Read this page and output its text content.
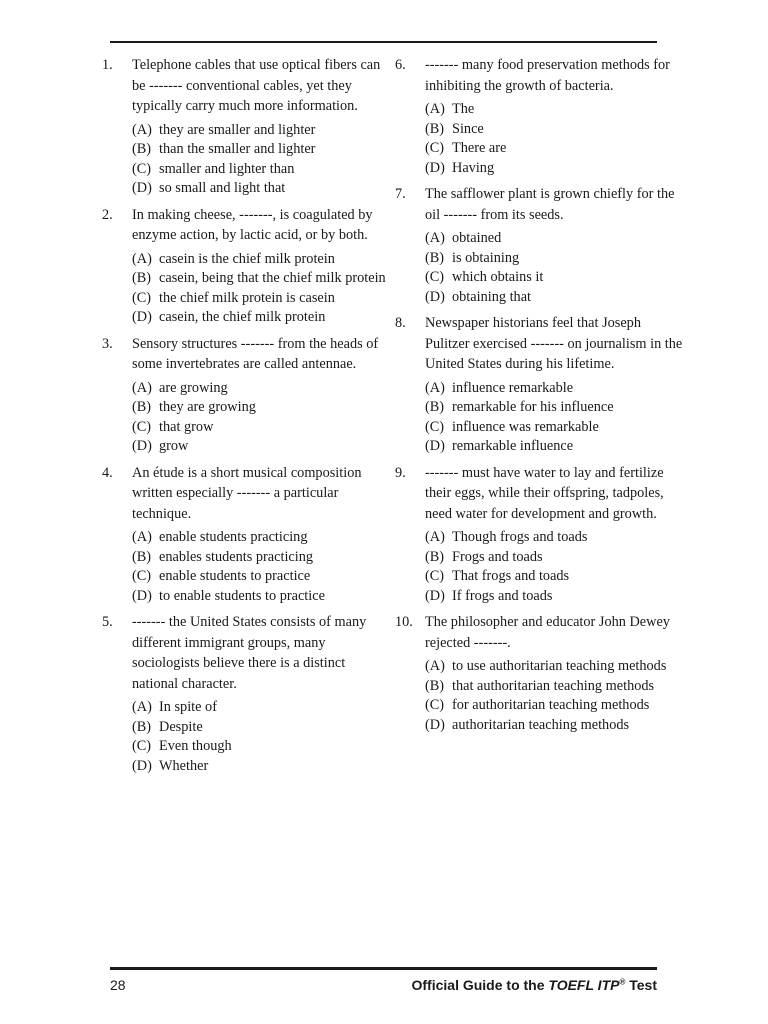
1. Telephone cables that use optical fibers can be ------- conventional cables, yet they typically carry much more information.
(A) they are smaller and lighter
(B) than the smaller and lighter
(C) smaller and lighter than
(D) so small and light that
2. In making cheese, -------, is coagulated by enzyme action, by lactic acid, or by both.
(A) casein is the chief milk protein
(B) casein, being that the chief milk protein
(C) the chief milk protein is casein
(D) casein, the chief milk protein
3. Sensory structures ------- from the heads of some invertebrates are called antennae.
(A) are growing
(B) they are growing
(C) that grow
(D) grow
4. An étude is a short musical composition written especially ------- a particular technique.
(A) enable students practicing
(B) enables students practicing
(C) enable students to practice
(D) to enable students to practice
5. ------- the United States consists of many different immigrant groups, many sociologists believe there is a distinct national character.
(A) In spite of
(B) Despite
(C) Even though
(D) Whether
6. ------- many food preservation methods for inhibiting the growth of bacteria.
(A) The
(B) Since
(C) There are
(D) Having
7. The safflower plant is grown chiefly for the oil ------- from its seeds.
(A) obtained
(B) is obtaining
(C) which obtains it
(D) obtaining that
8. Newspaper historians feel that Joseph Pulitzer exercised ------- on journalism in the United States during his lifetime.
(A) influence remarkable
(B) remarkable for his influence
(C) influence was remarkable
(D) remarkable influence
9. ------- must have water to lay and fertilize their eggs, while their offspring, tadpoles, need water for development and growth.
(A) Though frogs and toads
(B) Frogs and toads
(C) That frogs and toads
(D) If frogs and toads
10. The philosopher and educator John Dewey rejected -------.
(A) to use authoritarian teaching methods
(B) that authoritarian teaching methods
(C) for authoritarian teaching methods
(D) authoritarian teaching methods
28	Official Guide to the TOEFL ITP® Test
